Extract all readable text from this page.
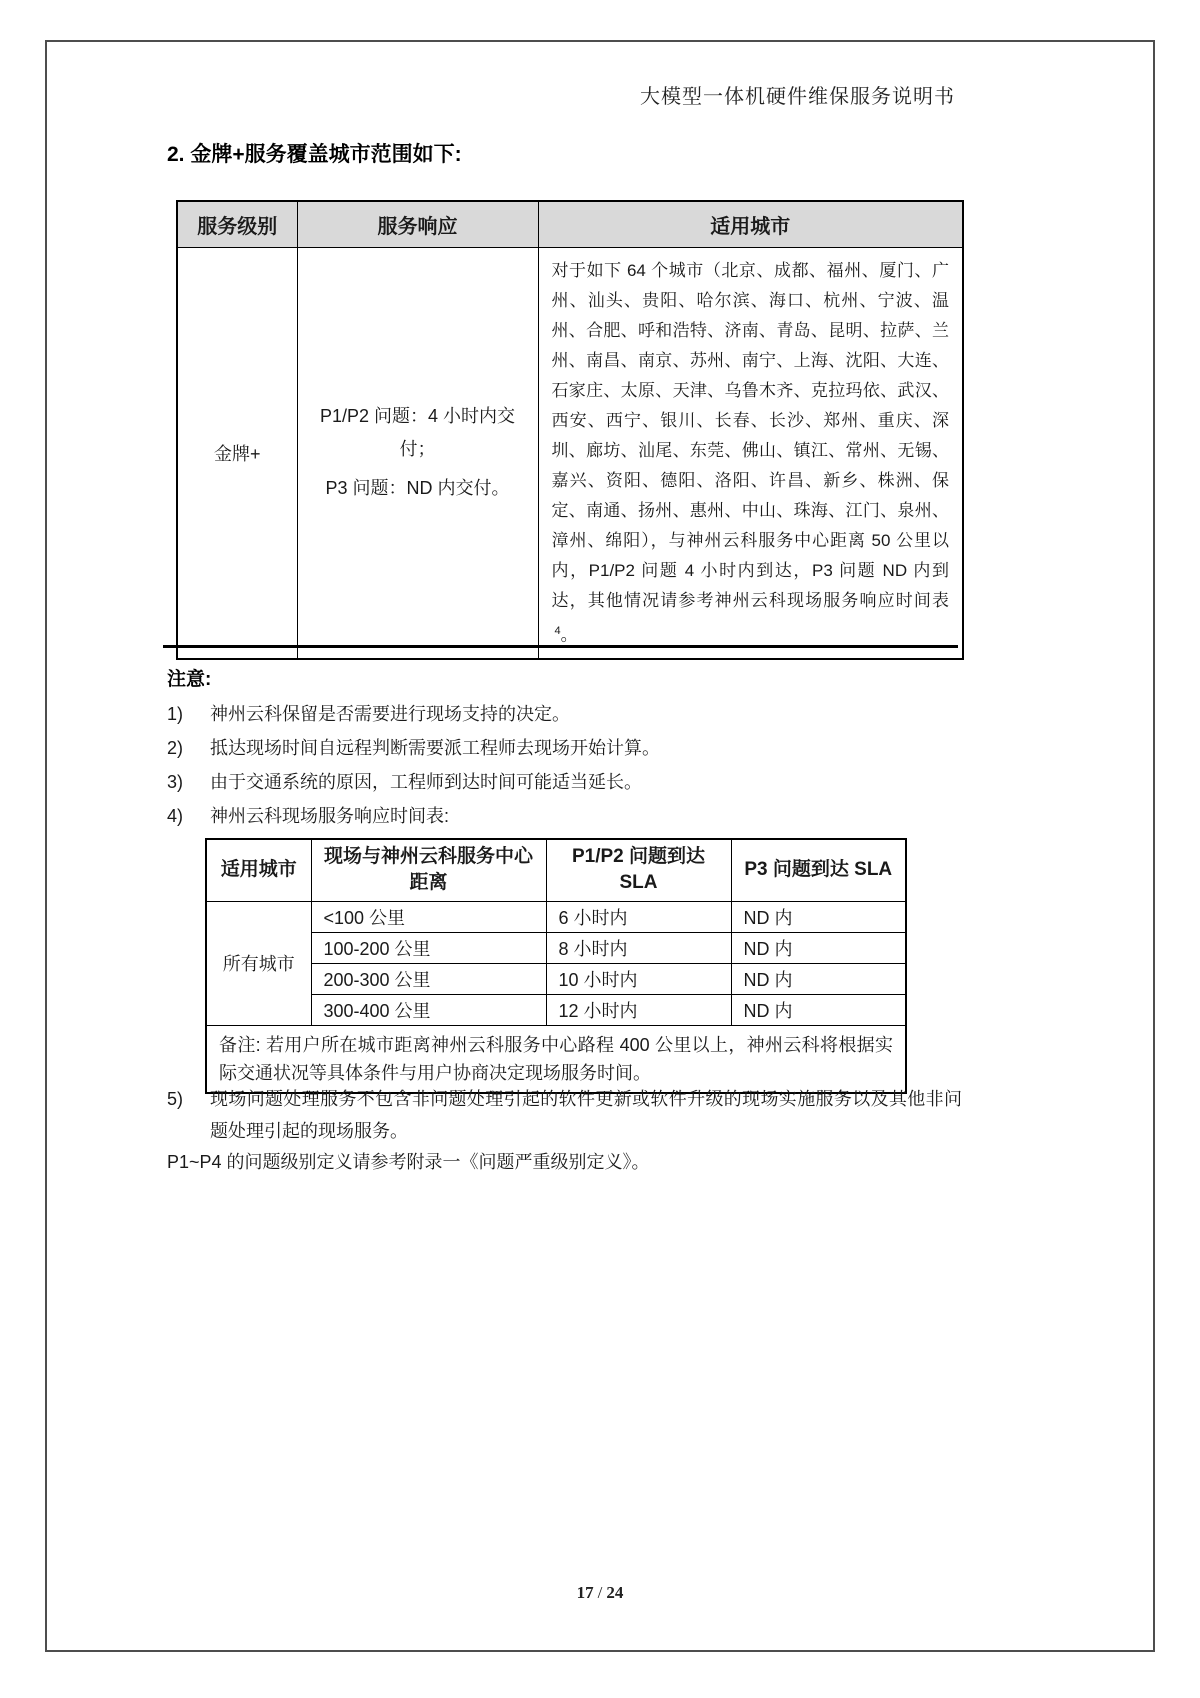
大模型一体机硬件维保服务说明书
2. 金牌+服务覆盖城市范围如下:
服务级别	服务响应	适用城市
金牌+	P1/P2 问题：4 小时内交付；

P3 问题：ND 内交付。	对于如下 64 个城市（北京、成都、福州、厦门、广州、汕头、贵阳、哈尔滨、海口、杭州、宁波、温州、合肥、呼和浩特、济南、青岛、昆明、拉萨、兰州、南昌、南京、苏州、南宁、上海、沈阳、大连、石家庄、太原、天津、乌鲁木齐、克拉玛依、武汉、西安、西宁、银川、长春、长沙、郑州、重庆、深圳、廊坊、汕尾、东莞、佛山、镇江、常州、无锡、嘉兴、资阳、德阳、洛阳、许昌、新乡、株洲、保定、南通、扬州、惠州、中山、珠海、江门、泉州、漳州、绵阳），与神州云科服务中心距离 50 公里以内，P1/P2 问题 4 小时内到达，P3 问题 ND 内到达，其他情况请参考神州云科现场服务响应时间表$^4$。
注意:
1)	神州云科保留是否需要进行现场支持的决定。
2)	抵达现场时间自远程判断需要派工程师去现场开始计算。
3)	由于交通系统的原因，工程师到达时间可能适当延长。
4)	神州云科现场服务响应时间表:
适用城市	现场与神州云科服务中心距离	P1/P2 问题到达 SLA	P3 问题到达 SLA
所有城市	<100 公里	6 小时内	ND 内
	100-200 公里	8 小时内	ND 内
	200-300 公里	10 小时内	ND 内
	300-400 公里	12 小时内	ND 内
备注: 若用户所在城市距离神州云科服务中心路程 400 公里以上，神州云科将根据实际交通状况等具体条件与用户协商决定现场服务时间。			
5)	现场问题处理服务不包含非问题处理引起的软件更新或软件升级的现场实施服务以及其他非问题处理引起的现场服务。
P1~P4 的问题级别定义请参考附录一《问题严重级别定义》。
17 / 24
